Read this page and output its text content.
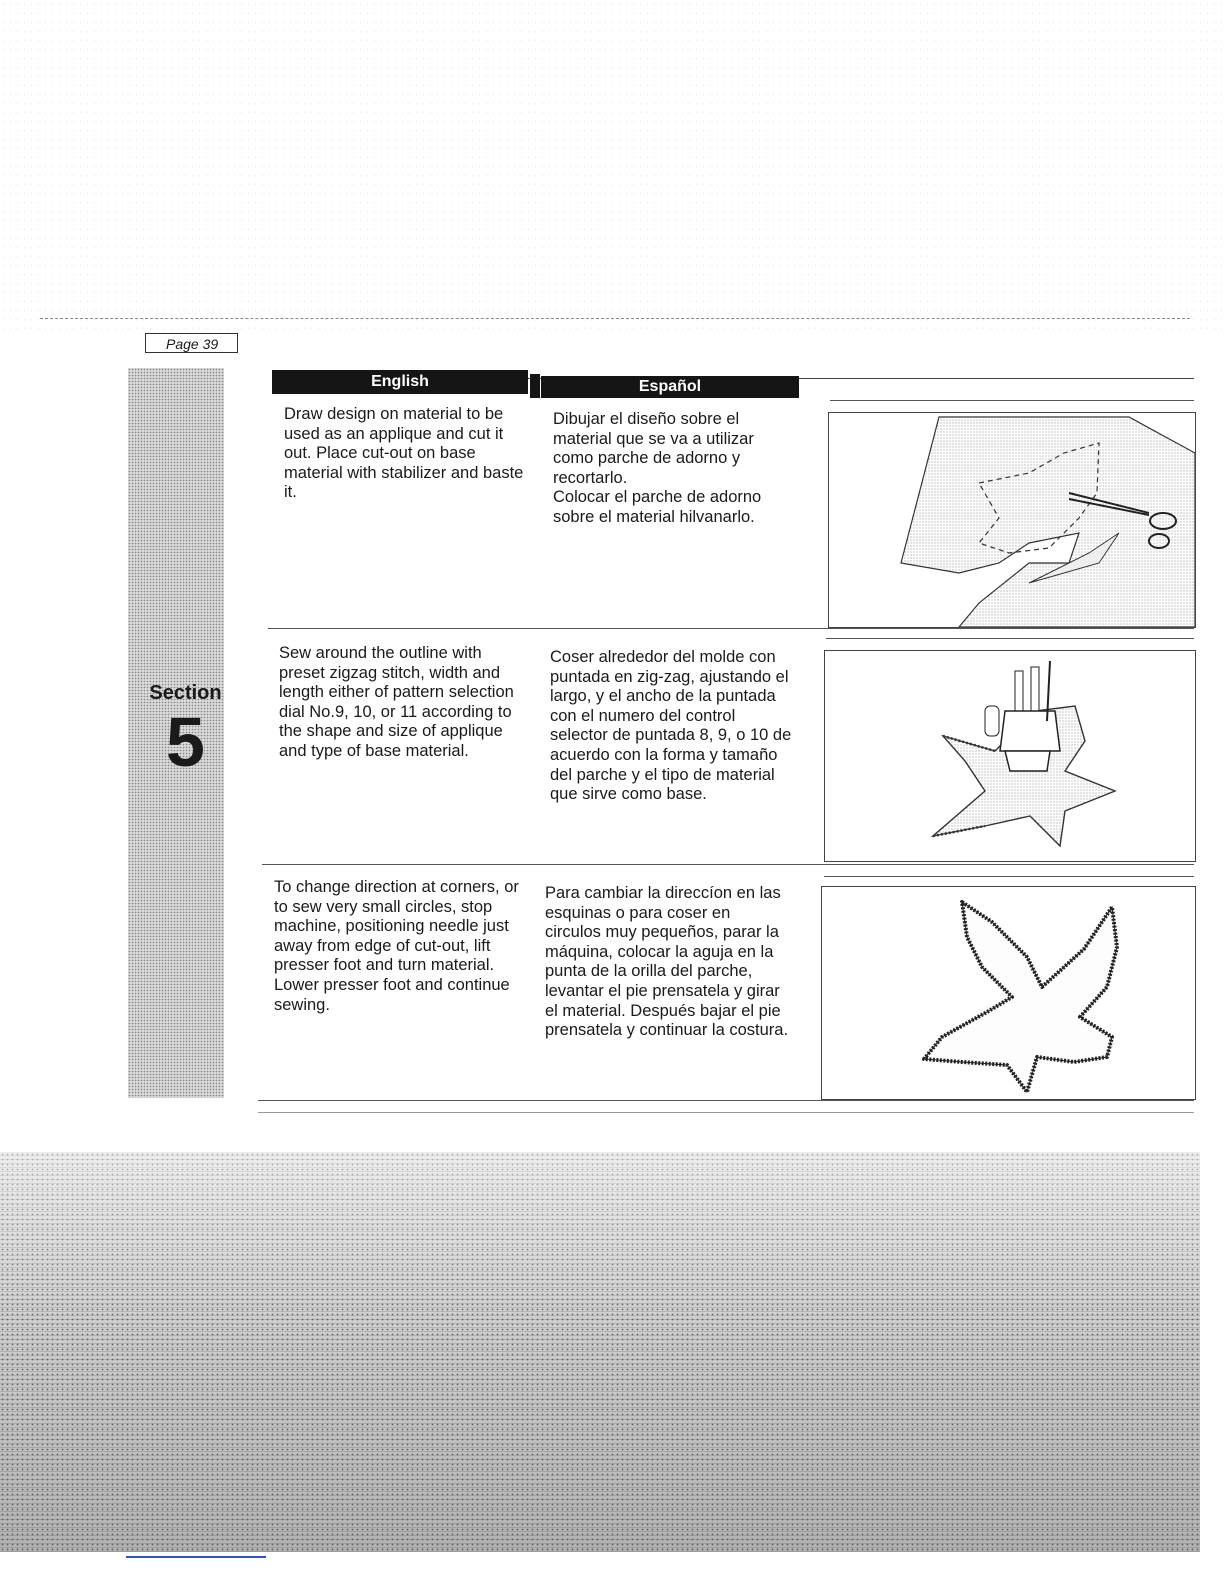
Page 39
Section
5
English	Español
Draw design on material to be used as an applique and cut it out. Place cut-out on base material with stabilizer and baste it.
Dibujar el diseño sobre el material que se va a utilizar como parche de adorno y recortarlo.
Colocar el parche de adorno sobre el material hilvanarlo.
Sew around the outline with preset zigzag stitch, width and length either of pattern selection dial No.9, 10, or 11 according to the shape and size of applique and type of base material.
Coser alrededor del molde con puntada en zig-zag, ajustando el largo, y el ancho de la puntada con el numero del control selector de puntada 8, 9, o 10 de acuerdo con la forma y tamaño del parche y el tipo de material que sirve como base.
To change direction at corners, or to sew very small circles, stop machine, positioning needle just away from edge of cut-out, lift presser foot and turn material. Lower presser foot and continue sewing.
Para cambiar la direccíon en las esquinas o para coser en circulos muy pequeños, parar la máquina, colocar la aguja en la punta de la orilla del parche, levantar el pie prensatela y girar el material. Después bajar el pie prensatela y continuar la costura.
